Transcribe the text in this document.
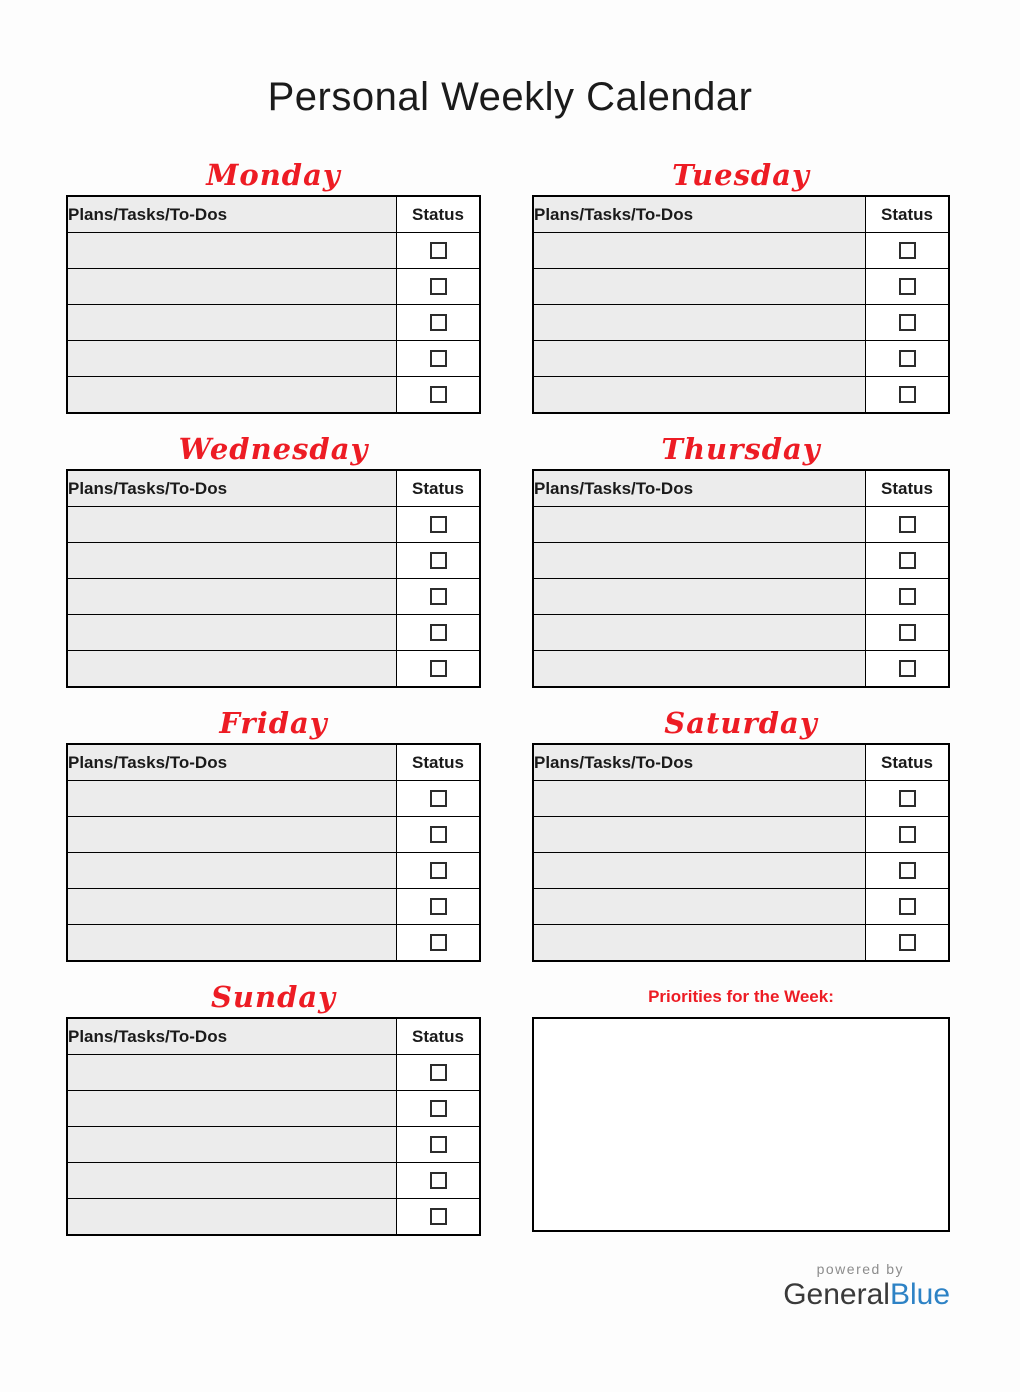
Personal Weekly Calendar
Monday
Plans/Tasks/To-Dos	Status

Tuesday
Plans/Tasks/To-Dos	Status

Wednesday
Plans/Tasks/To-Dos	Status

Thursday
Plans/Tasks/To-Dos	Status

Friday
Plans/Tasks/To-Dos	Status

Saturday
Plans/Tasks/To-Dos	Status

Sunday
Plans/Tasks/To-Dos	Status

Priorities for the Week:
powered by
GeneralBlue
